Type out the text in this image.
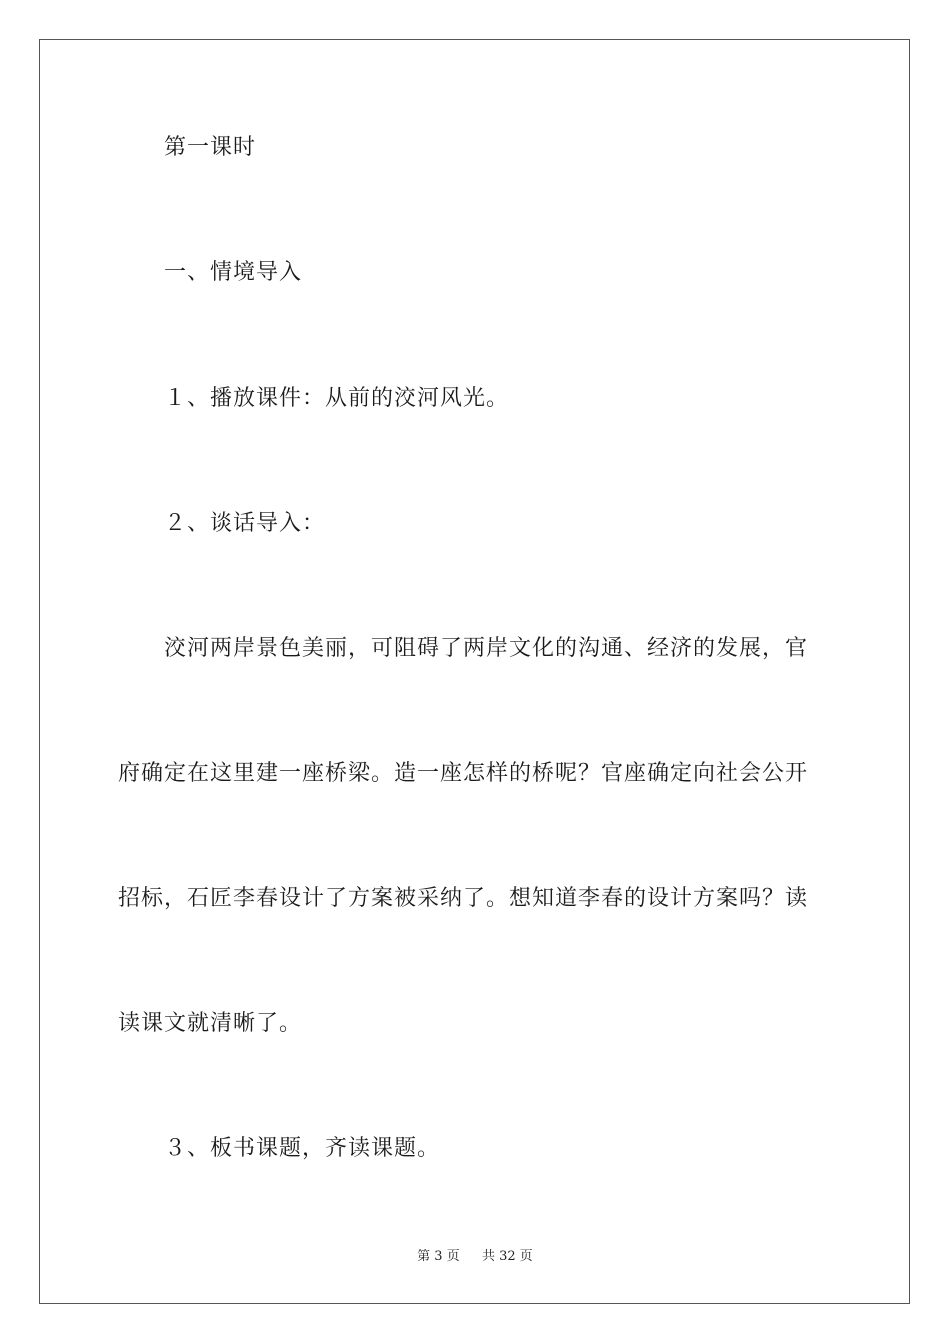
第一课时
一、情境导入
１、播放课件：从前的洨河风光。
２、谈话导入：
洨河两岸景色美丽，可阻碍了两岸文化的沟通、经济的发展，官
府确定在这里建一座桥梁。造一座怎样的桥呢？官座确定向社会公开
招标，石匠李春设计了方案被采纳了。想知道李春的设计方案吗？读
读课文就清晰了。
３、板书课题，齐读课题。
第 3 页 共 32 页
